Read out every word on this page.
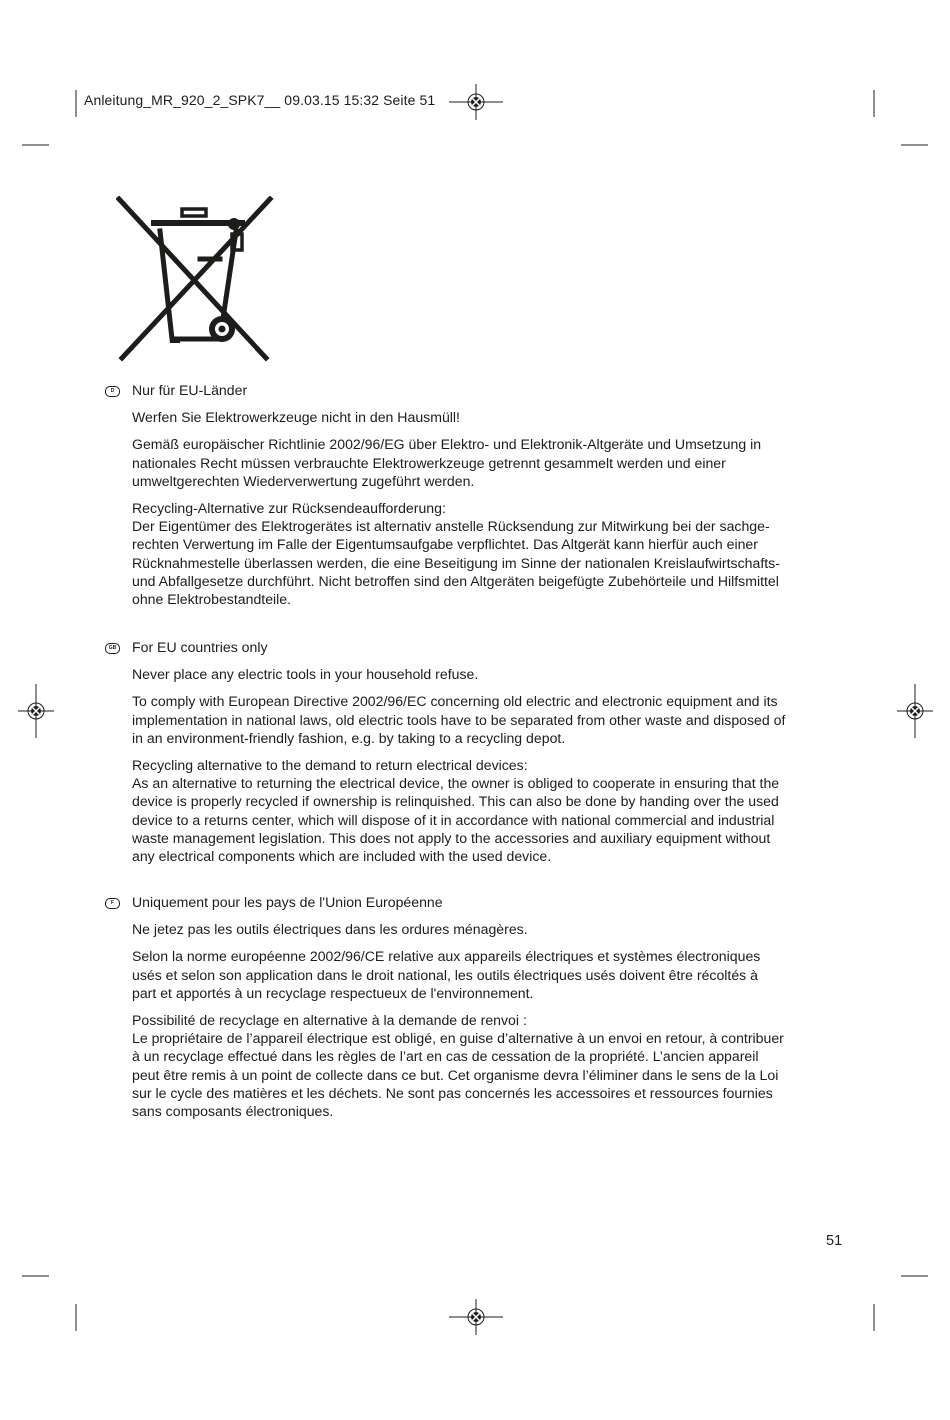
Anleitung_MR_920_2_SPK7__ 09.03.15 15:32 Seite 51
D	Nur für EU-Länder

Werfen Sie Elektrowerkzeuge nicht in den Hausmüll!

Gemäß europäischer Richtlinie 2002/96/EG über Elektro- und Elektronik-Altgeräte und Umsetzung in
nationales Recht müssen verbrauchte Elektrowerkzeuge getrennt gesammelt werden und einer
umweltgerechten Wiederverwertung zugeführt werden.

Recycling-Alternative zur Rücksendeaufforderung:
Der Eigentümer des Elektrogerätes ist alternativ anstelle Rücksendung zur Mitwirkung bei der sachge-
rechten Verwertung im Falle der Eigentumsaufgabe verpflichtet. Das Altgerät kann hierfür auch einer
Rücknahmestelle überlassen werden, die eine Beseitigung im Sinne der nationalen Kreislaufwirtschafts-
und Abfallgesetze durchführt. Nicht betroffen sind den Altgeräten beigefügte Zubehörteile und Hilfsmittel
ohne Elektrobestandteile.

GB For EU countries only

Never place any electric tools in your household refuse.

To comply with European Directive 2002/96/EC concerning old electric and electronic equipment and its
implementation in national laws, old electric tools have to be separated from other waste and disposed of
in an environment-friendly fashion, e.g. by taking to a recycling depot.

Recycling alternative to the demand to return electrical devices:
As an alternative to returning the electrical device, the owner is obliged to cooperate in ensuring that the
device is properly recycled if ownership is relinquished. This can also be done by handing over the used
device to a returns center, which will dispose of it in accordance with national commercial and industrial
waste management legislation. This does not apply to the accessories and auxiliary equipment without
any electrical components which are included with the used device.

F	Uniquement pour les pays de l'Union Européenne

Ne jetez pas les outils électriques dans les ordures ménagères.

Selon la norme européenne 2002/96/CE relative aux appareils électriques et systèmes électroniques
usés et selon son application dans le droit national, les outils électriques usés doivent être récoltés à
part et apportés à un recyclage respectueux de l'environnement.

Possibilité de recyclage en alternative à la demande de renvoi :
Le propriétaire de l’appareil électrique est obligé, en guise d’alternative à un envoi en retour, à contribuer
à un recyclage effectué dans les règles de l’art en cas de cessation de la propriété. L’ancien appareil
peut être remis à un point de collecte dans ce but. Cet organisme devra l’éliminer dans le sens de la Loi
sur le cycle des matières et les déchets. Ne sont pas concernés les accessoires et ressources fournies
sans composants électroniques.

51
